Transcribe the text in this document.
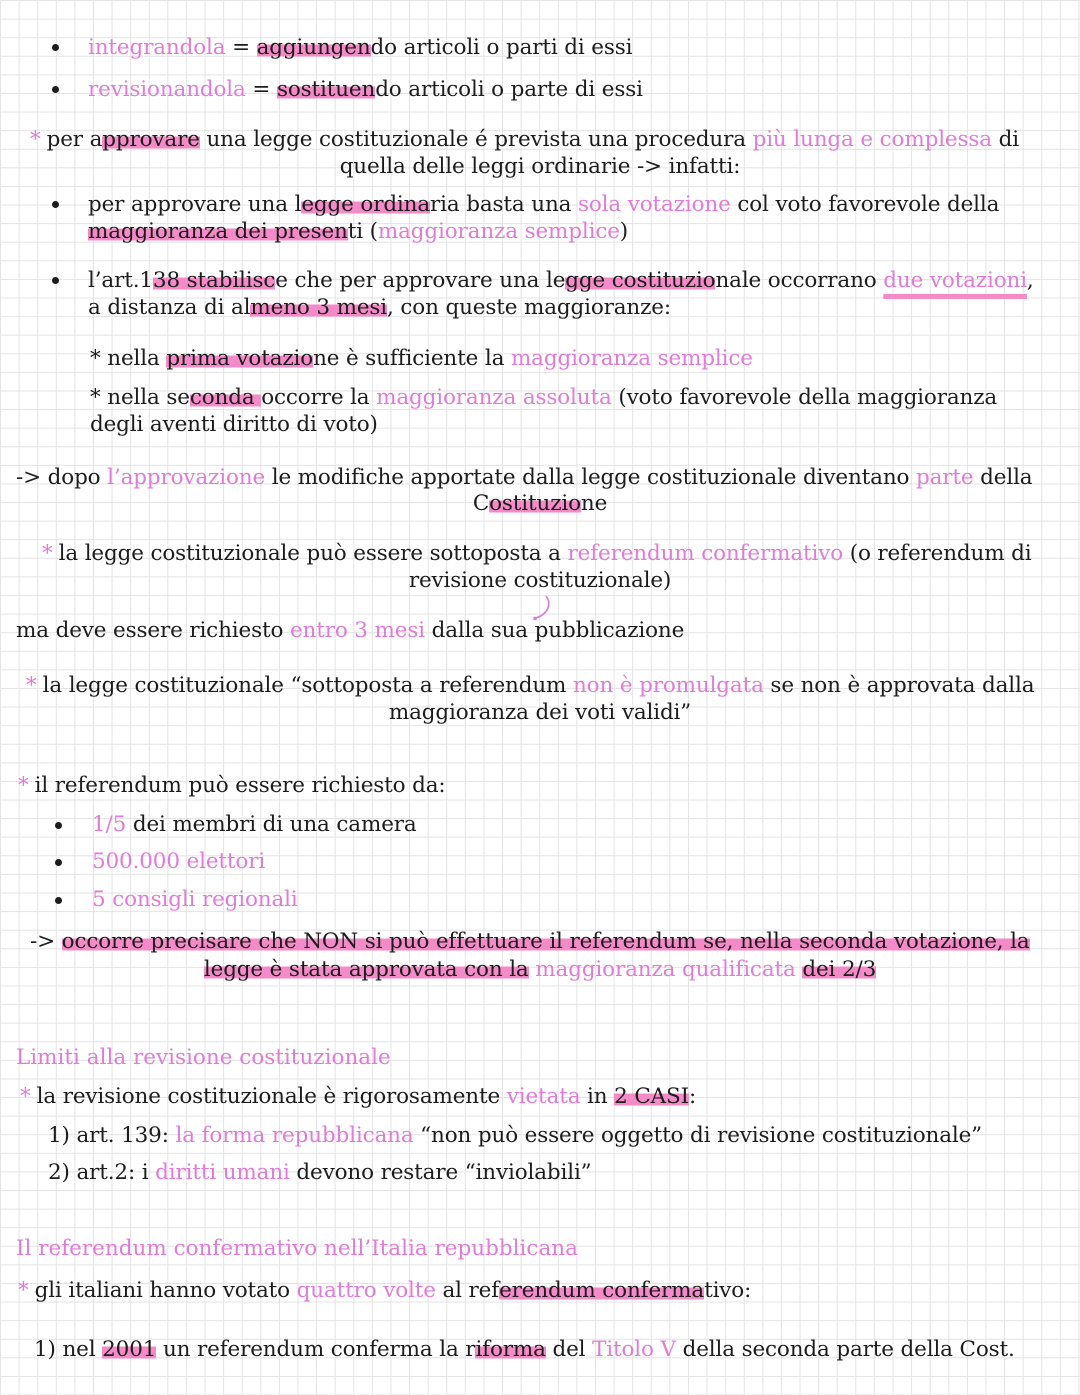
integrandola = aggiungendo articoli o parti di essi
revisionandola = sostituendo articoli o parte di essi
* per approvare una legge costituzionale é prevista una procedura più lunga e complessa di
quella delle leggi ordinarie -> infatti:
per approvare una legge ordinaria basta una sola votazione col voto favorevole della
maggioranza dei presenti (maggioranza semplice)
l’art.138 stabilisce che per approvare una legge costituzionale occorrano due votazioni,
a distanza di almeno 3 mesi, con queste maggioranze:
* nella prima votazione è sufficiente la maggioranza semplice
* nella seconda occorre la maggioranza assoluta (voto favorevole della maggioranza
degli aventi diritto di voto)
-> dopo l’approvazione le modifiche apportate dalla legge costituzionale diventano parte della
Costituzione
* la legge costituzionale può essere sottoposta a referendum confermativo (o referendum di
revisione costituzionale)
ma deve essere richiesto entro 3 mesi dalla sua pubblicazione
* la legge costituzionale “sottoposta a referendum non è promulgata se non è approvata dalla
maggioranza dei voti validi”
* il referendum può essere richiesto da:
1/5 dei membri di una camera
500.000 elettori
5 consigli regionali
-> occorre precisare che NON si può effettuare il referendum se, nella seconda votazione, la
legge è stata approvata con la maggioranza qualificata dei 2/3
Limiti alla revisione costituzionale
* la revisione costituzionale è rigorosamente vietata in 2 CASI:
1) art. 139: la forma repubblicana “non può essere oggetto di revisione costituzionale”
2) art.2: i diritti umani devono restare “inviolabili”
Il referendum confermativo nell’Italia repubblicana
* gli italiani hanno votato quattro volte al referendum confermativo:
1) nel 2001 un referendum conferma la riforma del Titolo V della seconda parte della Cost.
